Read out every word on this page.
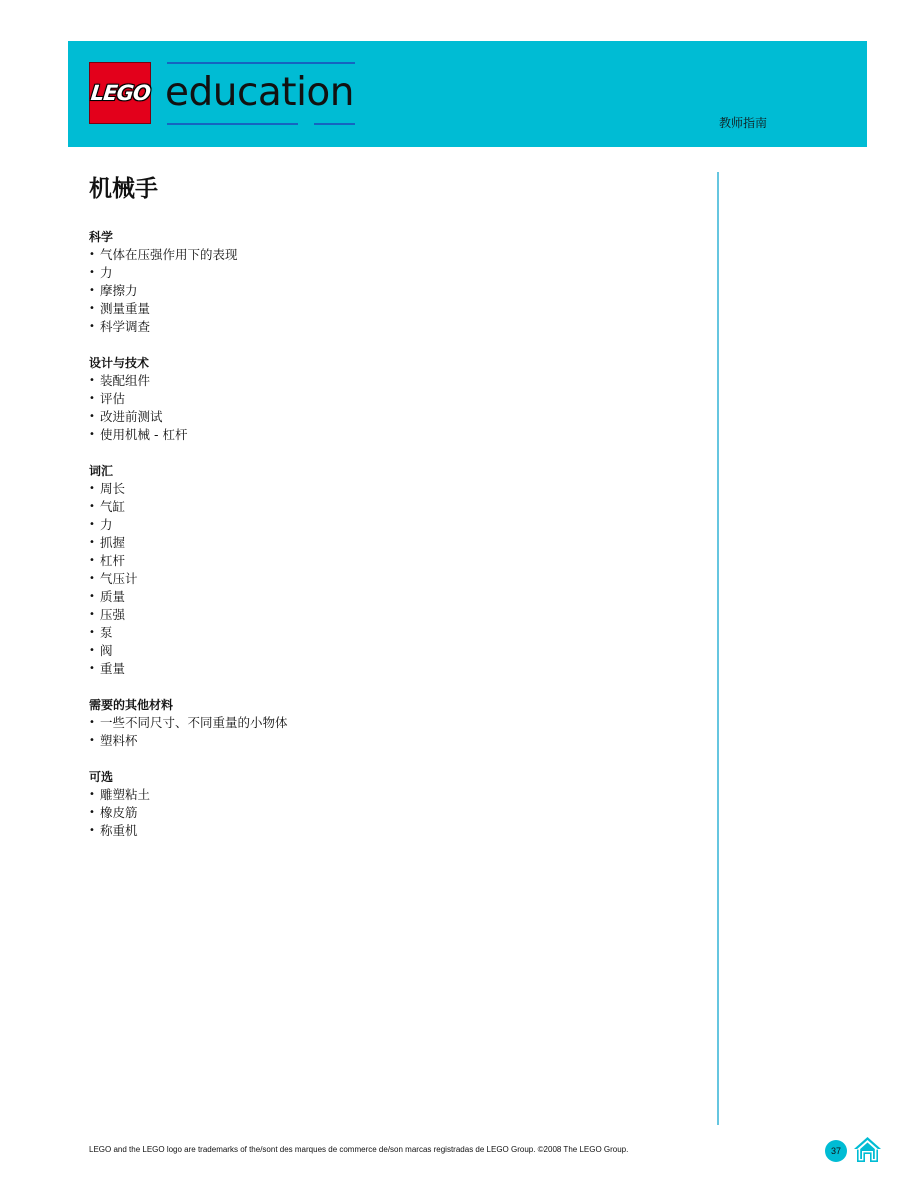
LEGO education
教师指南
机械手
科学
• 气体在压强作用下的表现
• 力
• 摩擦力
• 测量重量
• 科学调查
设计与技术
• 装配组件
• 评估
• 改进前测试
• 使用机械 - 杠杆
词汇
• 周长
• 气缸
• 力
• 抓握
• 杠杆
• 气压计
• 质量
• 压强
• 泵
• 阀
• 重量
需要的其他材料
• 一些不同尺寸、不同重量的小物体
• 塑料杯
可选
• 雕塑粘土
• 橡皮筋
• 称重机
LEGO and the LEGO logo are trademarks of the/sont des marques de commerce de/son marcas registradas de LEGO Group. ©2008 The LEGO Group.	37
